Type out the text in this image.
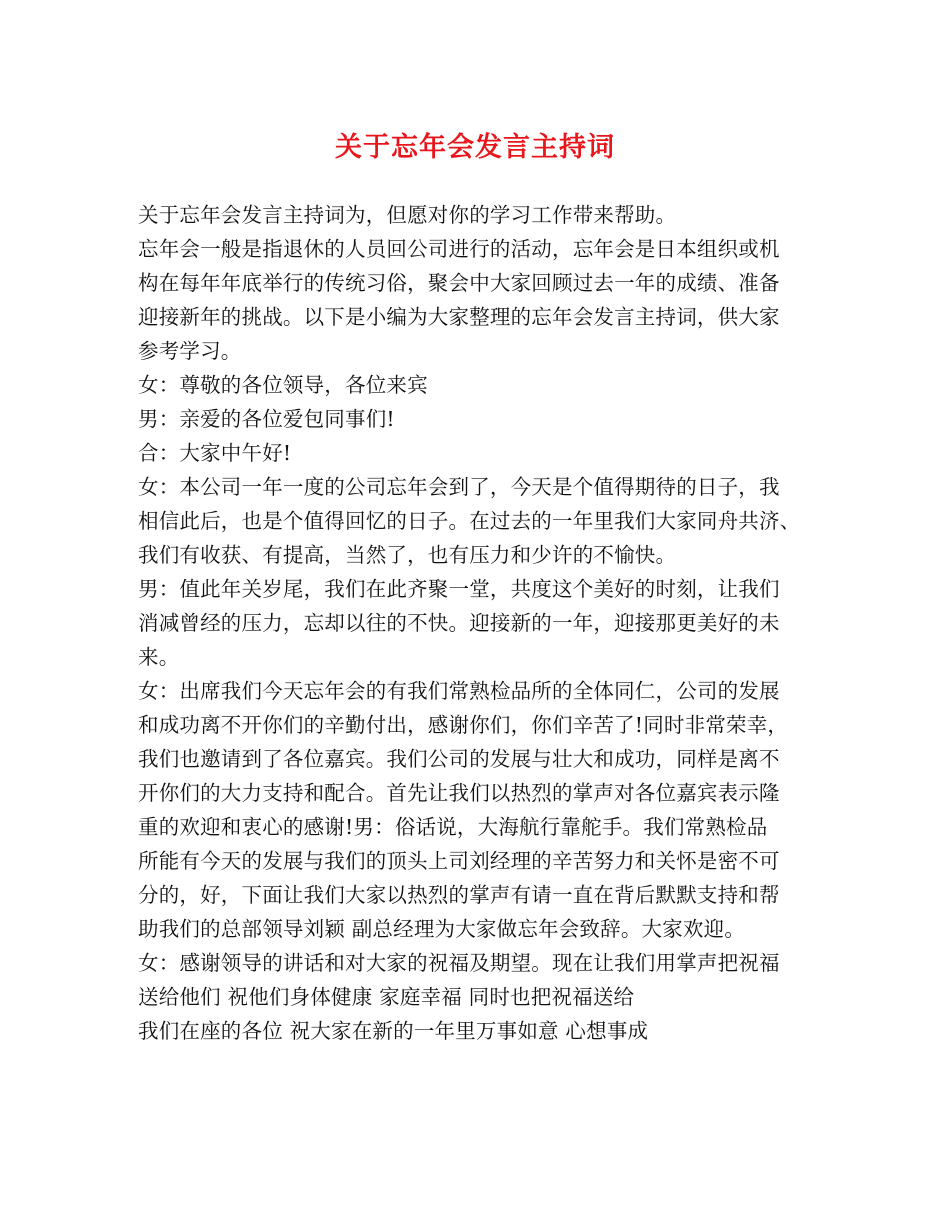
关于忘年会发言主持词
关于忘年会发言主持词为，但愿对你的学习工作带来帮助。
忘年会一般是指退休的人员回公司进行的活动，忘年会是日本组织或机
构在每年年底举行的传统习俗，聚会中大家回顾过去一年的成绩、准备
迎接新年的挑战。以下是小编为大家整理的忘年会发言主持词，供大家
参考学习。
女：尊敬的各位领导，各位来宾
男：亲爱的各位爱包同事们!
合：大家中午好!
女：本公司一年一度的公司忘年会到了，今天是个值得期待的日子，我
相信此后，也是个值得回忆的日子。在过去的一年里我们大家同舟共济、
我们有收获、有提高，当然了，也有压力和少许的不愉快。
男：值此年关岁尾，我们在此齐聚一堂，共度这个美好的时刻，让我们
消减曾经的压力，忘却以往的不快。迎接新的一年，迎接那更美好的未
来。
女：出席我们今天忘年会的有我们常熟检品所的全体同仁，公司的发展
和成功离不开你们的辛勤付出，感谢你们，你们辛苦了!同时非常荣幸，
我们也邀请到了各位嘉宾。我们公司的发展与壮大和成功，同样是离不
开你们的大力支持和配合。首先让我们以热烈的掌声对各位嘉宾表示隆
重的欢迎和衷心的感谢!男：俗话说，大海航行靠舵手。我们常熟检品
所能有今天的发展与我们的顶头上司刘经理的辛苦努力和关怀是密不可
分的，好，下面让我们大家以热烈的掌声有请一直在背后默默支持和帮
助我们的总部领导刘颖 副总经理为大家做忘年会致辞。大家欢迎。
女：感谢领导的讲话和对大家的祝福及期望。现在让我们用掌声把祝福
送给他们 祝他们身体健康 家庭幸福 同时也把祝福送给
我们在座的各位 祝大家在新的一年里万事如意 心想事成
